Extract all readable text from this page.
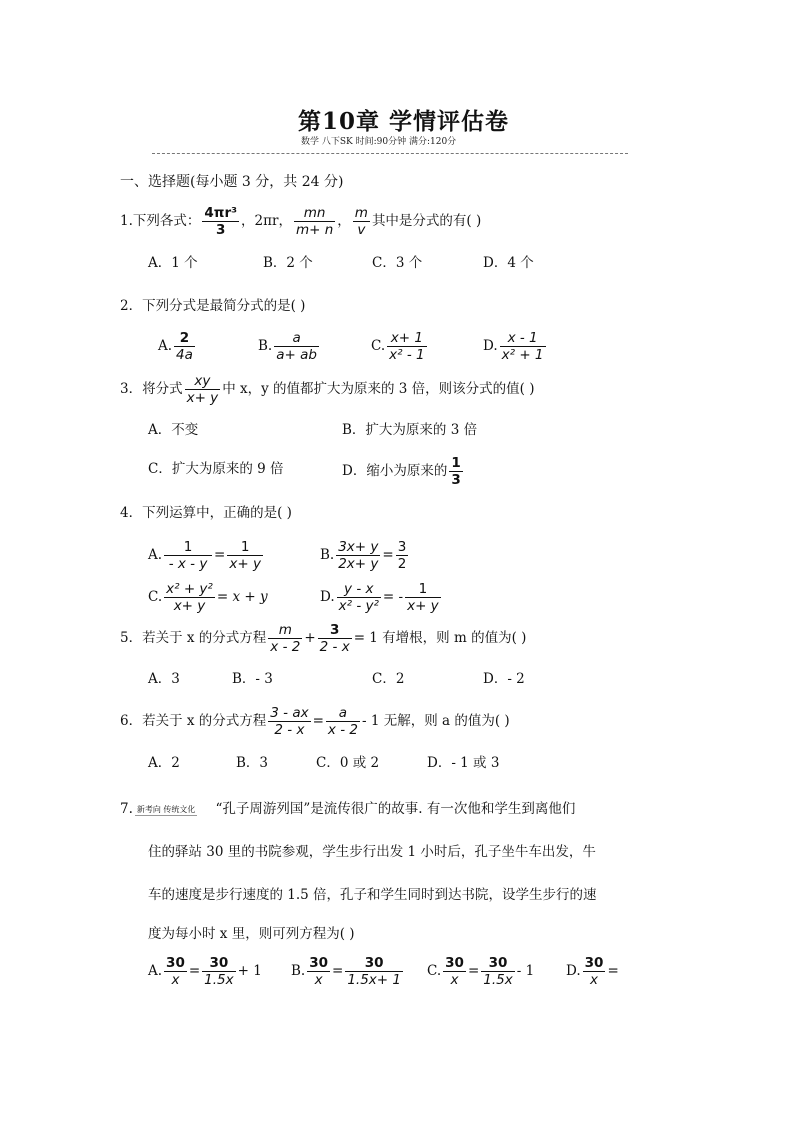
第10章 学情评估卷
数学 八下SK 时间:90分钟 满分:120分
一、选择题(每小题 3 分，共 24 分)
1.下列各式： $\frac{\text{4πr³}}{3}$ ，2πr， $\frac{mn}{m+ n}$ ， $\frac{m}{v}$ 其中是分式的有( )
A．1 个	B．2 个	C．3 个	D．4 个
2．下列分式是最简分式的是( )
A. $\frac{2}{4a}$	B. $\frac{a}{a+ ab}$	C. $\frac{x+ 1}{\text{x² - 1}}$	D. $\frac{x - 1}{\text{x² + 1}}$
3．将分式 $\frac{xy}{x+ y}$ 中 x，y 的值都扩大为原来的 3 倍，则该分式的值( )
A．不变	B．扩大为原来的 3 倍
C．扩大为原来的 9 倍	D．缩小为原来的 $\frac{1}{3}$
4．下列运算中，正确的是( )
A. $\frac{1}{- x - y} = \frac{1}{x+ y}$	B. $\frac{3x+ y}{2x+ y} = \frac{3}{2}$
C. $\frac{\text{x² + y²}}{x+ y} = x + y$	D. $\frac{y - x}{\text{x² - y²}}$ = - $\frac{1}{x+ y}$
5．若关于 x 的分式方程 $\frac{m}{x - 2} + \frac{3}{2 - x} = 1$ 有增根，则 m 的值为( )
A．3	B．- 3	C．2	D．- 2
6．若关于 x 的分式方程 $\frac{3 - ax}{2 - x} = \frac{a}{x - 2} - 1$ 无解，则 a 的值为( )
A．2	B．3	C．0 或 2	D．- 1 或 3
7. 新考向 传统文化 “孔子周游列国”是流传很广的故事. 有一次他和学生到离他们
住的驿站 30 里的书院参观，学生步行出发 1 小时后，孔子坐牛车出发，牛
车的速度是步行速度的 1.5 倍，孔子和学生同时到达书院，设学生步行的速
度为每小时 x 里，则可列方程为( )
A. $\frac{30}{x} = \frac{30}{1.5x} + 1$ B. $\frac{30}{x} = \frac{30}{1.5x+ 1} C$. $\frac{30}{x} = \frac{30}{1.5x} - 1$ D. $\frac{30}{x}$ =
